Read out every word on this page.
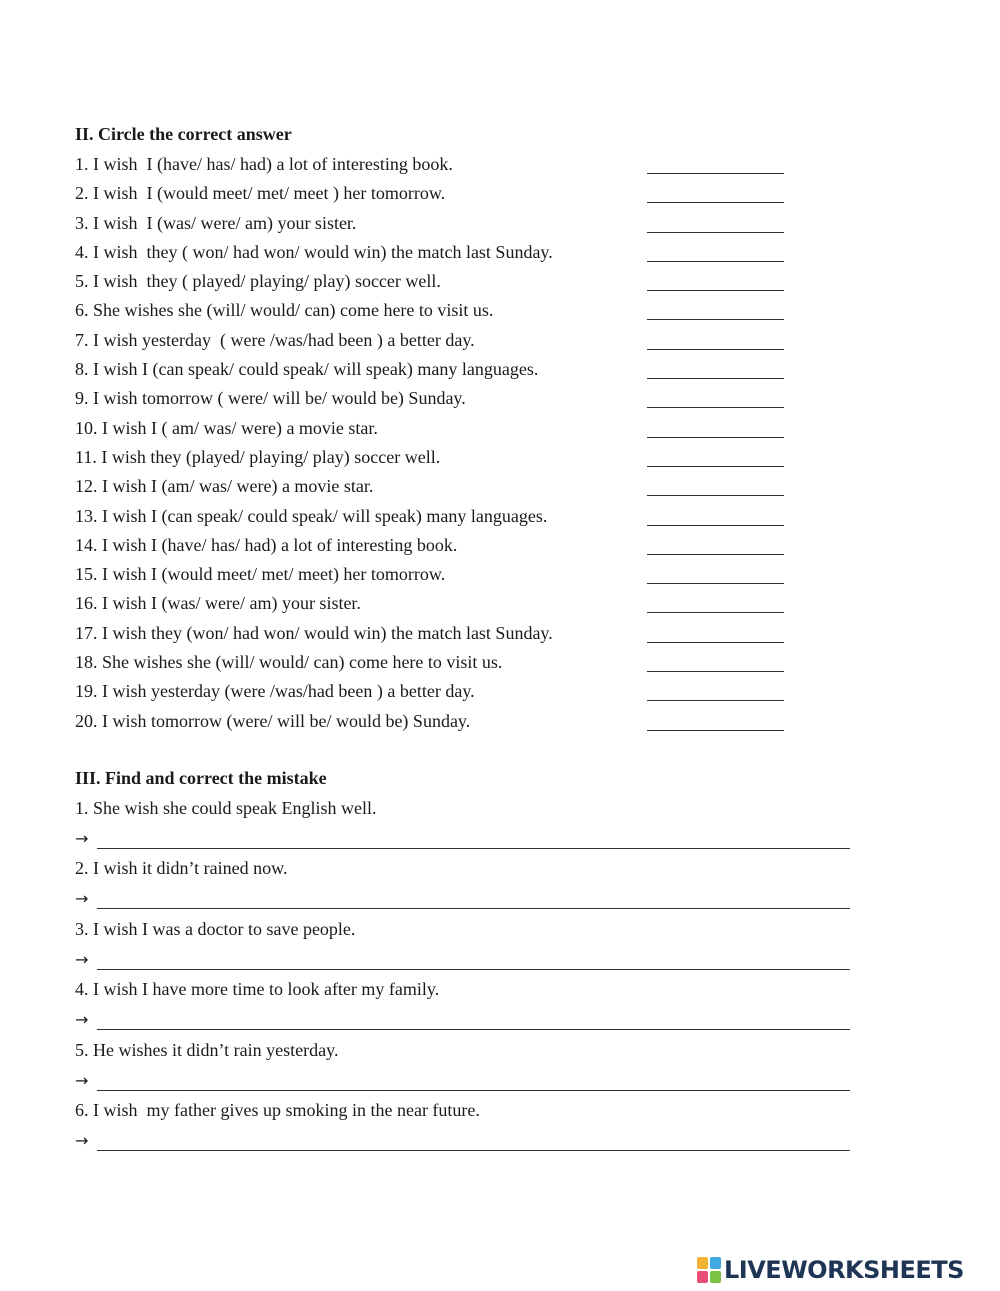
II. Circle the correct answer
1. I wish  I (have/ has/ had) a lot of interesting book.
2. I wish  I (would meet/ met/ meet ) her tomorrow.
3. I wish  I (was/ were/ am) your sister.
4. I wish  they ( won/ had won/ would win) the match last Sunday.
5. I wish  they ( played/ playing/ play) soccer well.
6. She wishes she (will/ would/ can) come here to visit us.
7. I wish yesterday  ( were /was/had been ) a better day.
8. I wish I (can speak/ could speak/ will speak) many languages.
9. I wish tomorrow ( were/ will be/ would be) Sunday.
10. I wish I ( am/ was/ were) a movie star.
11. I wish they (played/ playing/ play) soccer well.
12. I wish I (am/ was/ were) a movie star.
13. I wish I (can speak/ could speak/ will speak) many languages.
14. I wish I (have/ has/ had) a lot of interesting book.
15. I wish I (would meet/ met/ meet) her tomorrow.
16. I wish I (was/ were/ am) your sister.
17. I wish they (won/ had won/ would win) the match last Sunday.
18. She wishes she (will/ would/ can) come here to visit us.
19. I wish yesterday (were /was/had been ) a better day.
20. I wish tomorrow (were/ will be/ would be) Sunday.
III. Find and correct the mistake
1. She wish she could speak English well.
→
2. I wish it didn’t rained now.
→
3. I wish I was a doctor to save people.
→
4. I wish I have more time to look after my family.
→
5. He wishes it didn’t rain yesterday.
→
6. I wish  my father gives up smoking in the near future.
→
LIVEWORKSHEETS
